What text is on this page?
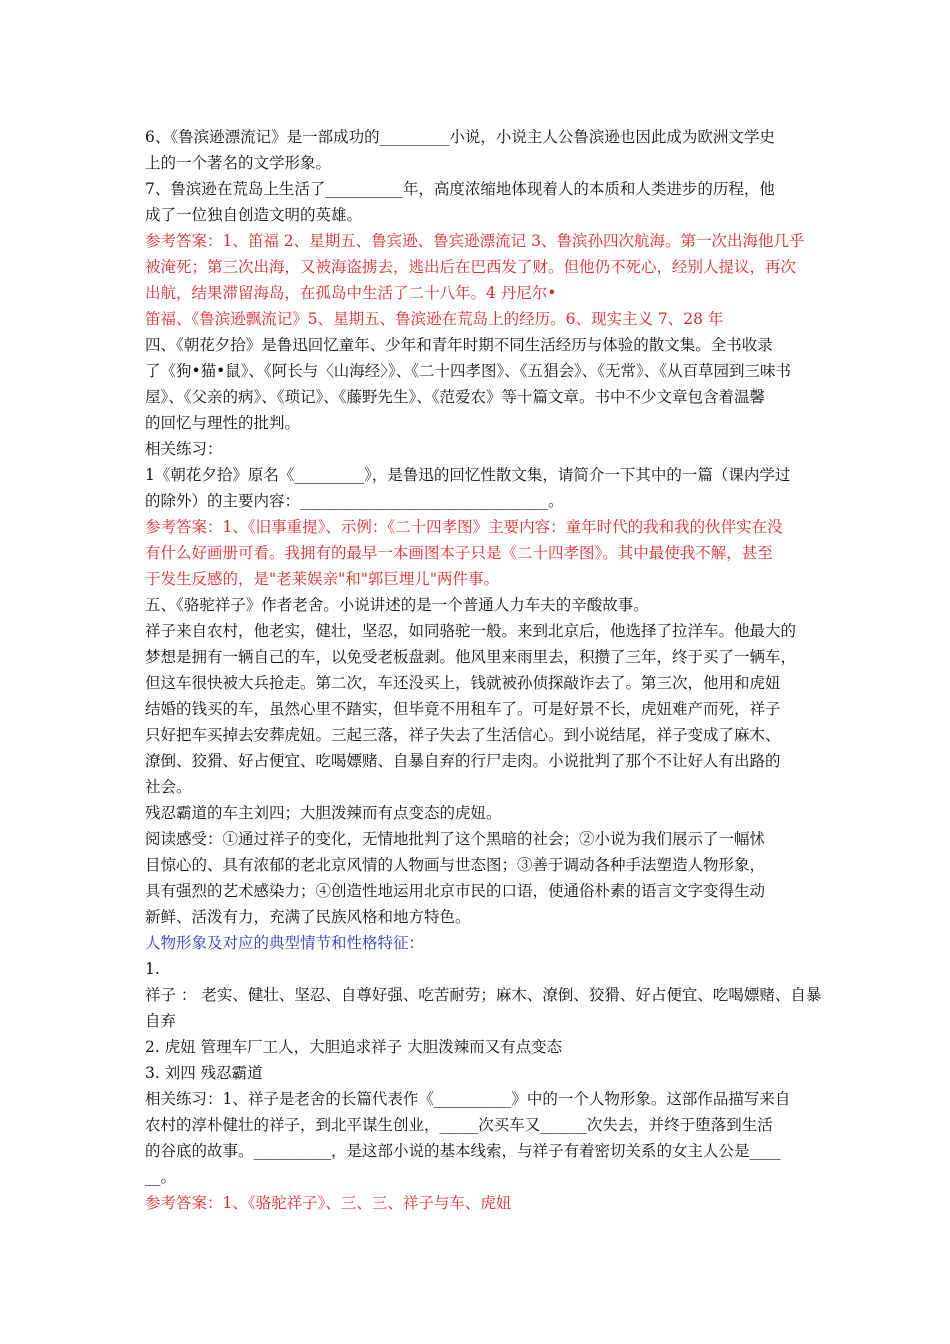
6、《鲁滨逊漂流记》是一部成功的_________小说，小说主人公鲁滨逊也因此成为欧洲文学史
上的一个著名的文学形象。
7、鲁滨逊在荒岛上生活了__________年，高度浓缩地体现着人的本质和人类进步的历程，他
成了一位独自创造文明的英雄。
参考答案：1、笛福 2、星期五、鲁宾逊、鲁宾逊漂流记 3、鲁滨孙四次航海。第一次出海他几乎
被淹死；第三次出海，又被海盗掳去，逃出后在巴西发了财。但他仍不死心，经别人提议，再次
出航，结果滞留海岛，在孤岛中生活了二十八年。4 丹尼尔•
笛福、《鲁滨逊飘流记》5、星期五、鲁滨逊在荒岛上的经历。6、现实主义 7、28 年
四、《朝花夕拾》是鲁迅回忆童年、少年和青年时期不同生活经历与体验的散文集。全书收录
了《狗•猫•鼠》、《阿长与〈山海经〉》、《二十四孝图》、《五猖会》、《无常》、《从百草园到三味书
屋》、《父亲的病》、《琐记》、《藤野先生》、《范爱农》等十篇文章。书中不少文章包含着温馨
的回忆与理性的批判。
相关练习：
1《朝花夕拾》原名《_________》，是鲁迅的回忆性散文集，请简介一下其中的一篇（课内学过
的除外）的主要内容：________________________________。
参考答案：1、《旧事重提》、示例：《二十四孝图》主要内容：童年时代的我和我的伙伴实在没
有什么好画册可看。我拥有的最早一本画图本子只是《二十四孝图》。其中最使我不解，甚至
于发生反感的，是"老莱娱亲"和"郭巨埋儿"两件事。
五、《骆驼祥子》作者老舍。小说讲述的是一个普通人力车夫的辛酸故事。
祥子来自农村，他老实，健壮，坚忍，如同骆驼一般。来到北京后，他选择了拉洋车。他最大的
梦想是拥有一辆自己的车，以免受老板盘剥。他风里来雨里去，积攒了三年，终于买了一辆车，
但这车很快被大兵抢走。第二次，车还没买上，钱就被孙侦探敲诈去了。第三次，他用和虎妞
结婚的钱买的车，虽然心里不踏实，但毕竟不用租车了。可是好景不长，虎妞难产而死，祥子
只好把车买掉去安葬虎妞。三起三落，祥子失去了生活信心。到小说结尾，祥子变成了麻木、
潦倒、狡猾、好占便宜、吃喝嫖赌、自暴自弃的行尸走肉。小说批判了那个不让好人有出路的
社会。
残忍霸道的车主刘四；大胆泼辣而有点变态的虎妞。
阅读感受：①通过祥子的变化，无情地批判了这个黑暗的社会；②小说为我们展示了一幅怵
目惊心的、具有浓郁的老北京风情的人物画与世态图；③善于调动各种手法塑造人物形象，
具有强烈的艺术感染力；④创造性地运用北京市民的口语，使通俗朴素的语言文字变得生动
新鲜、活泼有力，充满了民族风格和地方特色。
人物形象及对应的典型情节和性格特征：
1.
祥子 ： 老实、健壮、坚忍、自尊好强、吃苦耐劳；麻木、潦倒、狡猾、好占便宜、吃喝嫖赌、自暴
自弃
2. 虎妞 管理车厂工人，大胆追求祥子 大胆泼辣而又有点变态
3. 刘四 残忍霸道
相关练习：1、祥子是老舍的长篇代表作《__________》中的一个人物形象。这部作品描写来自
农村的淳朴健壮的祥子，到北平谋生创业，_____次买车又______次失去，并终于堕落到生活
的谷底的故事。__________，是这部小说的基本线索，与祥子有着密切关系的女主人公是____
__。
参考答案：1、《骆驼祥子》、三、三、祥子与车、虎妞
